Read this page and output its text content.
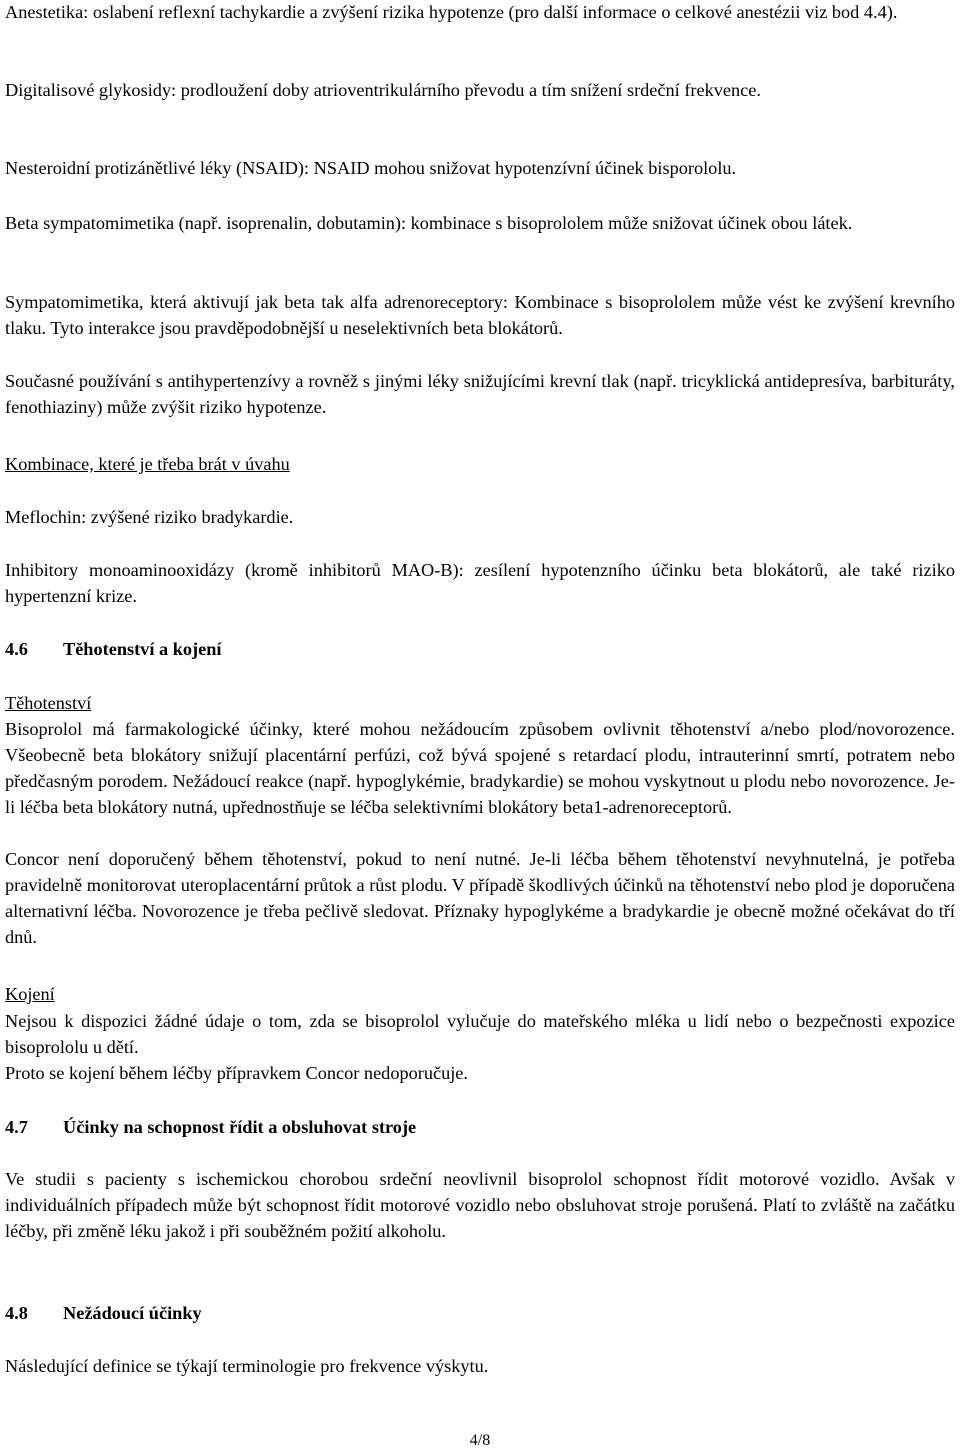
Anestetika: oslabení reflexní tachykardie a zvýšení rizika hypotenze (pro další informace o celkové anestézii viz bod 4.4).

Digitalisové glykosidy: prodloužení doby atrioventrikulárního převodu a tím snížení srdeční frekvence.

Nesteroidní protizánětlivé léky (NSAID): NSAID mohou snižovat hypotenzívní účinek bisporololu.

Beta sympatomimetika (např. isoprenalin, dobutamin): kombinace s bisoprololem může snižovat účinek obou látek.

Sympatomimetika, která aktivují jak beta tak alfa adrenoreceptory: Kombinace s bisoprololem může vést ke zvýšení krevního tlaku. Tyto interakce jsou pravděpodobnější u neselektivních beta blokátorů.

Současné používání s antihypertenzívy a rovněž s jinými léky snižujícími krevní tlak (např. tricyklická antidepresíva, barbituráty, fenothiaziny) může zvýšit riziko hypotenze.

Kombinace, které je třeba brát v úvahu

Meflochin: zvýšené riziko bradykardie.

Inhibitory monoaminooxidázy (kromě inhibitorů MAO-B): zesílení hypotenzního účinku beta blokátorů, ale také riziko hypertenzní krize.

4.6 Těhotenství a kojení

Těhotenství

Bisoprolol má farmakologické účinky, které mohou nežádoucím způsobem ovlivnit těhotenství a/nebo plod/novorozence. Všeobecně beta blokátory snižují placentární perfúzi, což bývá spojené s retardací plodu, intrauterinní smrtí, potratem nebo předčasným porodem. Nežádoucí reakce (např. hypoglykémie, bradykardie) se mohou vyskytnout u plodu nebo novorozence. Je-li léčba beta blokátory nutná, upřednostňuje se léčba selektivními blokátory beta1-adrenoreceptorů.

Concor není doporučený během těhotenství, pokud to není nutné. Je-li léčba během těhotenství nevyhnutelná, je potřeba pravidelně monitorovat uteroplacentární průtok a růst plodu. V případě škodlivých účinků na těhotenství nebo plod je doporučena alternativní léčba. Novorozence je třeba pečlivě sledovat. Příznaky hypoglykéme a bradykardie je obecně možné očekávat do tří dnů.

Kojení

Nejsou k dispozici žádné údaje o tom, zda se bisoprolol vylučuje do mateřského mléka u lidí nebo o bezpečnosti expozice bisoprololu u dětí.

Proto se kojení během léčby přípravkem Concor nedoporučuje.

4.7 Účinky na schopnost řídit a obsluhovat stroje

Ve studii s pacienty s ischemickou chorobou srdeční neovlivnil bisoprolol schopnost řídit motorové vozidlo. Avšak v individuálních případech může být schopnost řídit motorové vozidlo nebo obsluhovat stroje porušená. Platí to zvláště na začátku léčby, při změně léku jakož i při souběžném požití alkoholu.

4.8 Nežádoucí účinky

Následující definice se týkají terminologie pro frekvence výskytu.

4/8
